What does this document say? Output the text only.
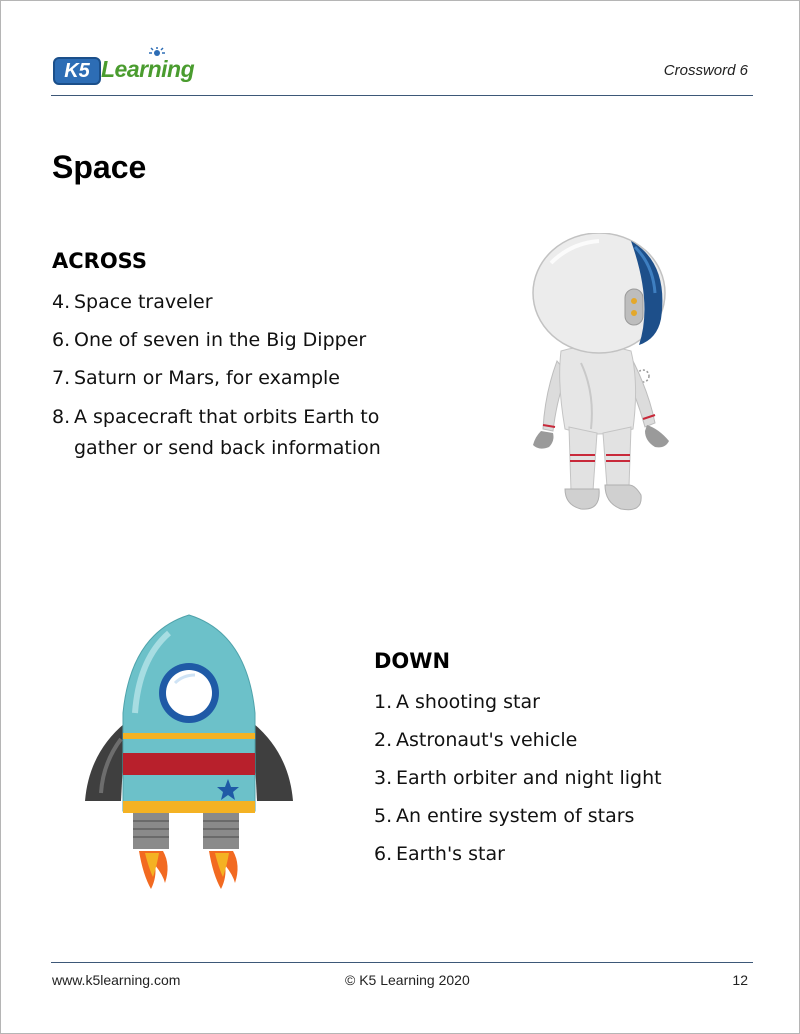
K5 Learning	Crossword 6
Space
ACROSS
4. Space traveler
6. One of seven in the Big Dipper
7. Saturn or Mars, for example
8. A spacecraft that orbits Earth to gather or send back information
DOWN
1. A shooting star
2. Astronaut's vehicle
3. Earth orbiter and night light
5. An entire system of stars
6. Earth's star
www.k5learning.com	© K5 Learning 2020	12
